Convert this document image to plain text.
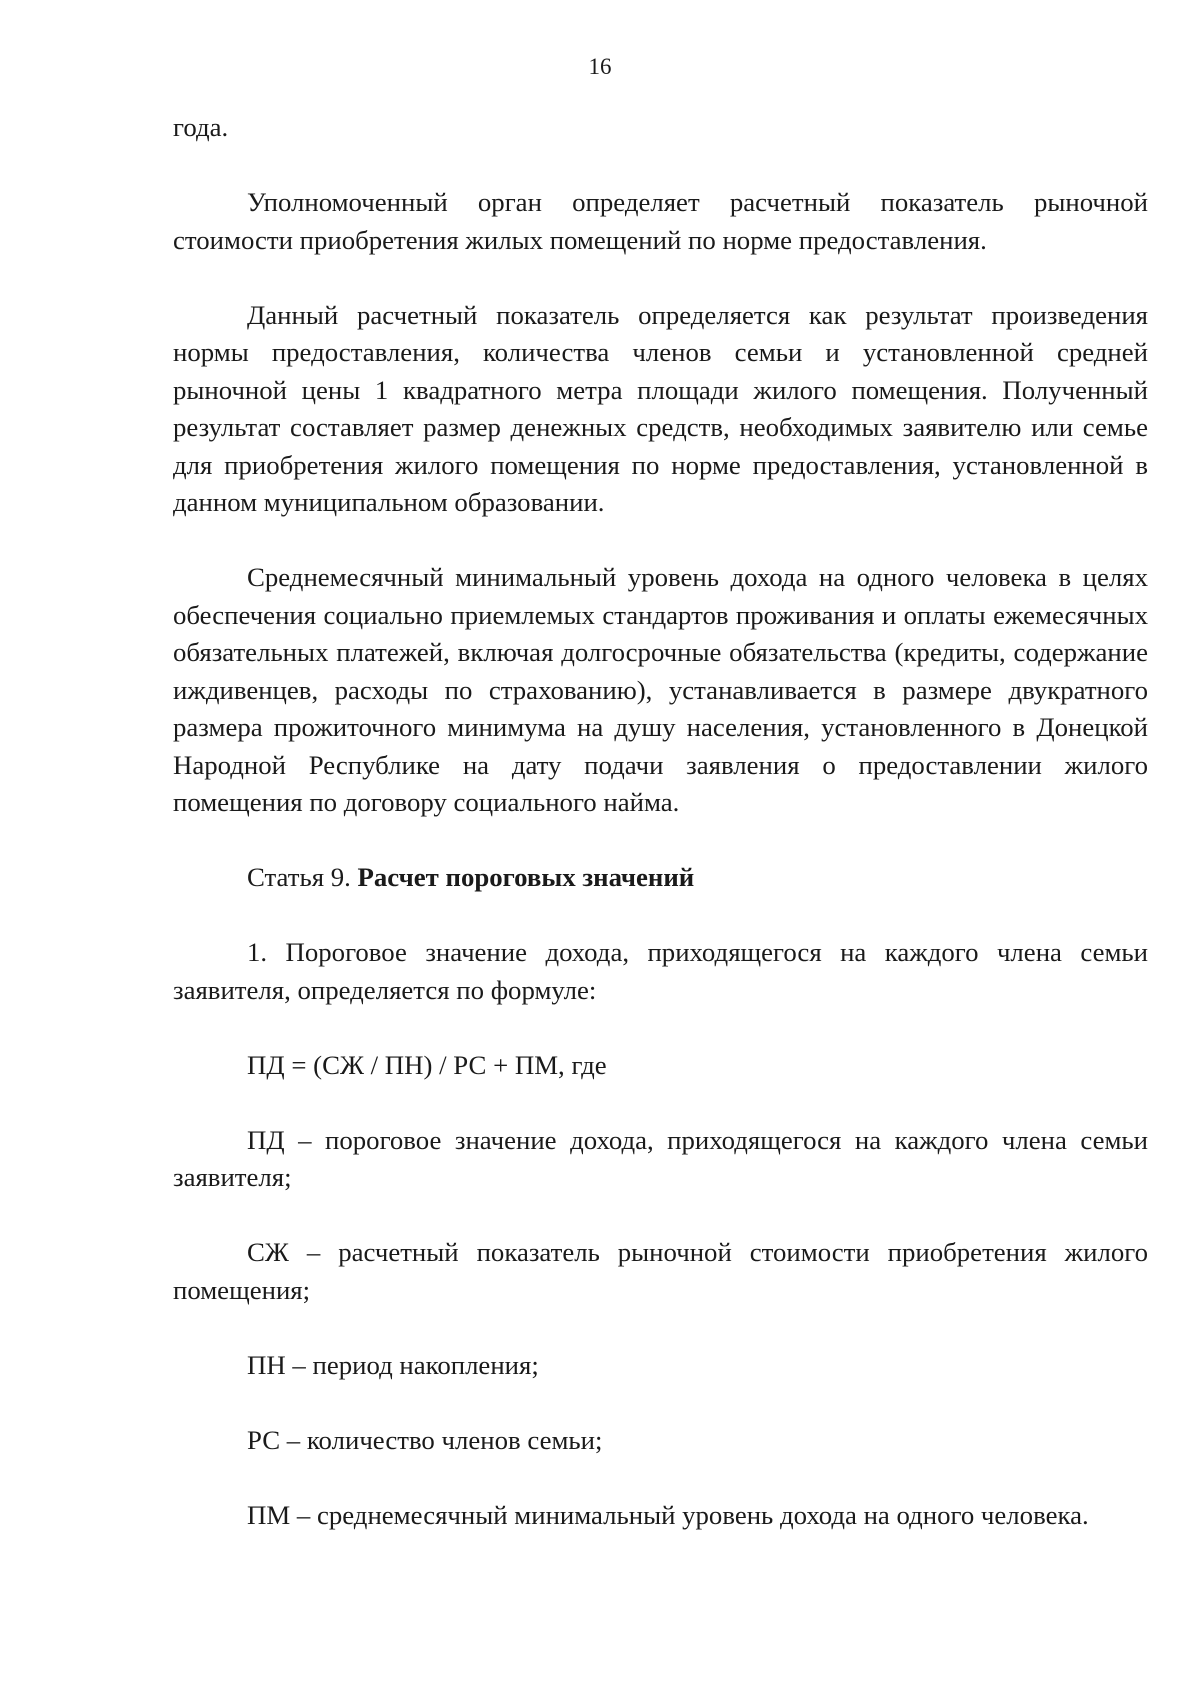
16

года.

Уполномоченный орган определяет расчетный показатель рыночной стоимости приобретения жилых помещений по норме предоставления.

Данный расчетный показатель определяется как результат произведения нормы предоставления, количества членов семьи и установленной средней рыночной цены 1 квадратного метра площади жилого помещения. Полученный результат составляет размер денежных средств, необходимых заявителю или семье для приобретения жилого помещения по норме предоставления, установленной в данном муниципальном образовании.

Среднемесячный минимальный уровень дохода на одного человека в целях обеспечения социально приемлемых стандартов проживания и оплаты ежемесячных обязательных платежей, включая долгосрочные обязательства (кредиты, содержание иждивенцев, расходы по страхованию), устанавливается в размере двукратного размера прожиточного минимума на душу населения, установленного в Донецкой Народной Республике на дату подачи заявления о предоставлении жилого помещения по договору социального найма.

Статья 9. Расчет пороговых значений

1. Пороговое значение дохода, приходящегося на каждого члена семьи заявителя, определяется по формуле:

ПД = (СЖ / ПН) / РС + ПМ, где

ПД – пороговое значение дохода, приходящегося на каждого члена семьи заявителя;

СЖ – расчетный показатель рыночной стоимости приобретения жилого помещения;

ПН – период накопления;

РС – количество членов семьи;

ПМ – среднемесячный минимальный уровень дохода на одного человека.
